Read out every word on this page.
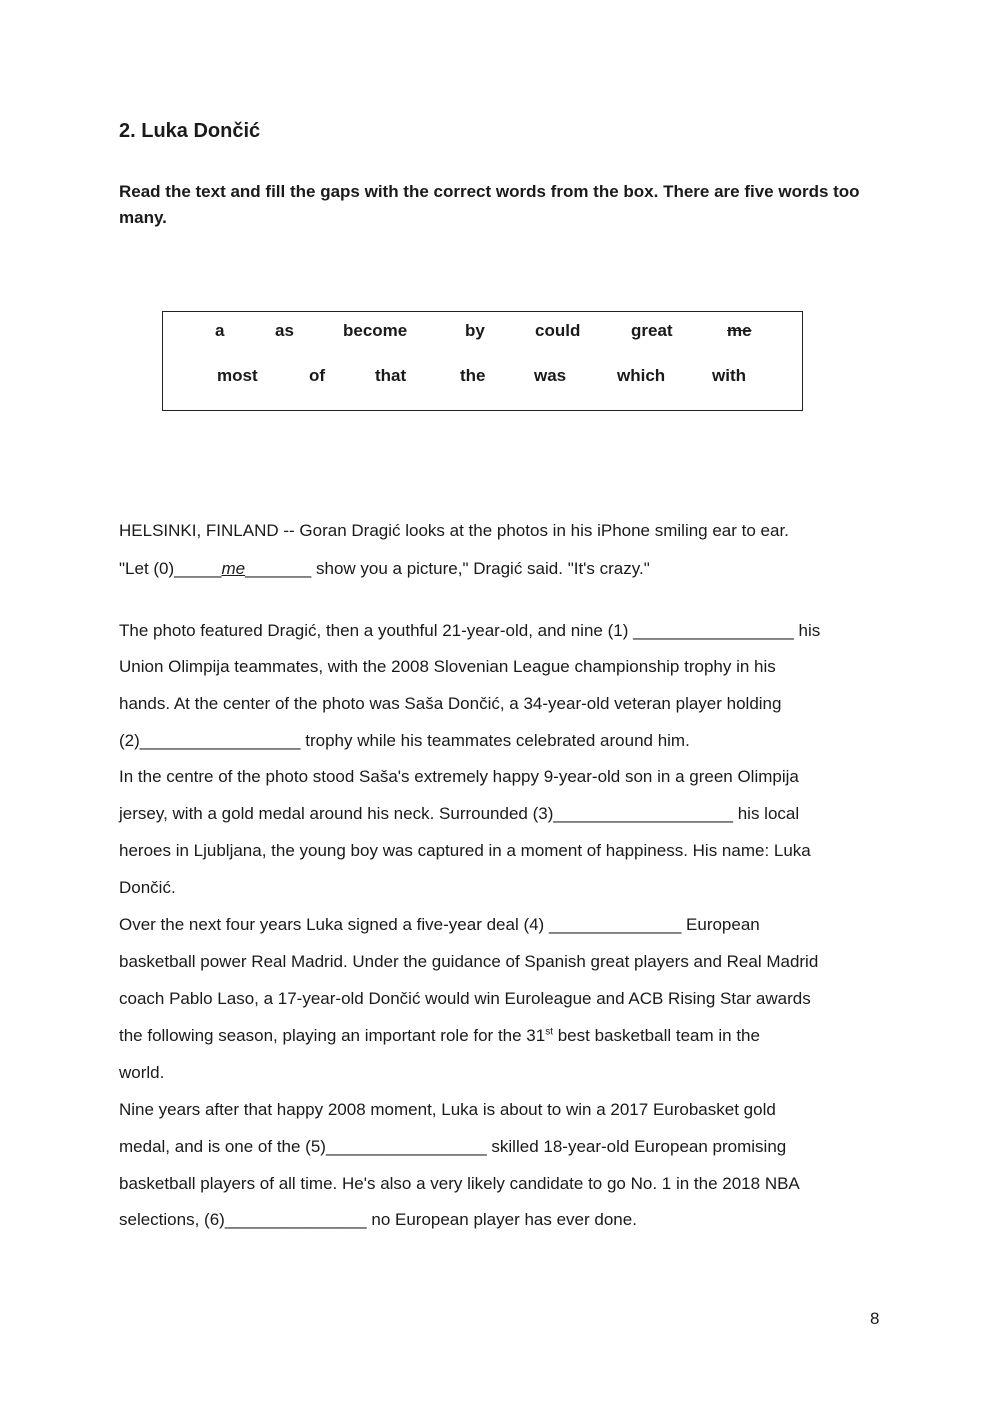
2. Luka Dončić
Read the text and fill the gaps with the correct words from the box. There are five words too many.
a	as	become	by	could	great	me
most	of	that	the	was	which	with
HELSINKI, FINLAND -- Goran Dragić looks at the photos in his iPhone smiling ear to ear.
"Let (0)_____me_______ show you a picture," Dragić said. "It's crazy."
The photo featured Dragić, then a youthful 21-year-old, and nine (1) _________________ his
Union Olimpija teammates, with the 2008 Slovenian League championship trophy in his
hands. At the center of the photo was Saša Dončić, a 34-year-old veteran player holding
(2)_________________ trophy while his teammates celebrated around him.
In the centre of the photo stood Saša's extremely happy 9-year-old son in a green Olimpija
jersey, with a gold medal around his neck. Surrounded (3)___________________ his local
heroes in Ljubljana, the young boy was captured in a moment of happiness. His name: Luka
Dončić.
Over the next four years Luka signed a five-year deal (4) ______________ European
basketball power Real Madrid. Under the guidance of Spanish great players and Real Madrid
coach Pablo Laso, a 17-year-old Dončić would win Euroleague and ACB Rising Star awards
the following season, playing an important role for the 31st best basketball team in the
world.
Nine years after that happy 2008 moment, Luka is about to win a 2017 Eurobasket gold
medal, and is one of the (5)_________________ skilled 18-year-old European promising
basketball players of all time. He's also a very likely candidate to go No. 1 in the 2018 NBA
selections, (6)_______________ no European player has ever done.
8
